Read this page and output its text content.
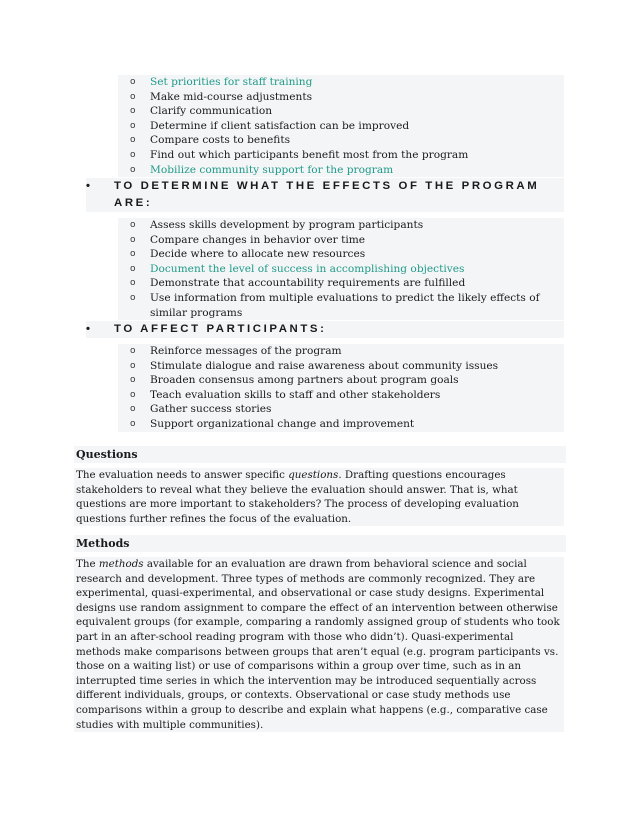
o Set priorities for staff training
o Make mid-course adjustments
o Clarify communication
o Determine if client satisfaction can be improved
o Compare costs to benefits
o Find out which participants benefit most from the program
o Mobilize community support for the program
•	TO DETERMINE WHAT THE EFFECTS OF THE PROGRAM ARE:
o Assess skills development by program participants
o Compare changes in behavior over time
o Decide where to allocate new resources
o Document the level of success in accomplishing objectives
o Demonstrate that accountability requirements are fulfilled
o Use information from multiple evaluations to predict the likely effects of similar programs
•	TO AFFECT PARTICIPANTS:
o Reinforce messages of the program
o Stimulate dialogue and raise awareness about community issues
o Broaden consensus among partners about program goals
o Teach evaluation skills to staff and other stakeholders
o Gather success stories
o Support organizational change and improvement
Questions
The evaluation needs to answer specific questions. Drafting questions encourages stakeholders to reveal what they believe the evaluation should answer. That is, what questions are more important to stakeholders? The process of developing evaluation questions further refines the focus of the evaluation.
Methods
The methods available for an evaluation are drawn from behavioral science and social research and development. Three types of methods are commonly recognized. They are experimental, quasi-experimental, and observational or case study designs. Experimental designs use random assignment to compare the effect of an intervention between otherwise equivalent groups (for example, comparing a randomly assigned group of students who took part in an after-school reading program with those who didn’t). Quasi-experimental methods make comparisons between groups that aren’t equal (e.g. program participants vs. those on a waiting list) or use of comparisons within a group over time, such as in an interrupted time series in which the intervention may be introduced sequentially across different individuals, groups, or contexts. Observational or case study methods use comparisons within a group to describe and explain what happens (e.g., comparative case studies with multiple communities).
